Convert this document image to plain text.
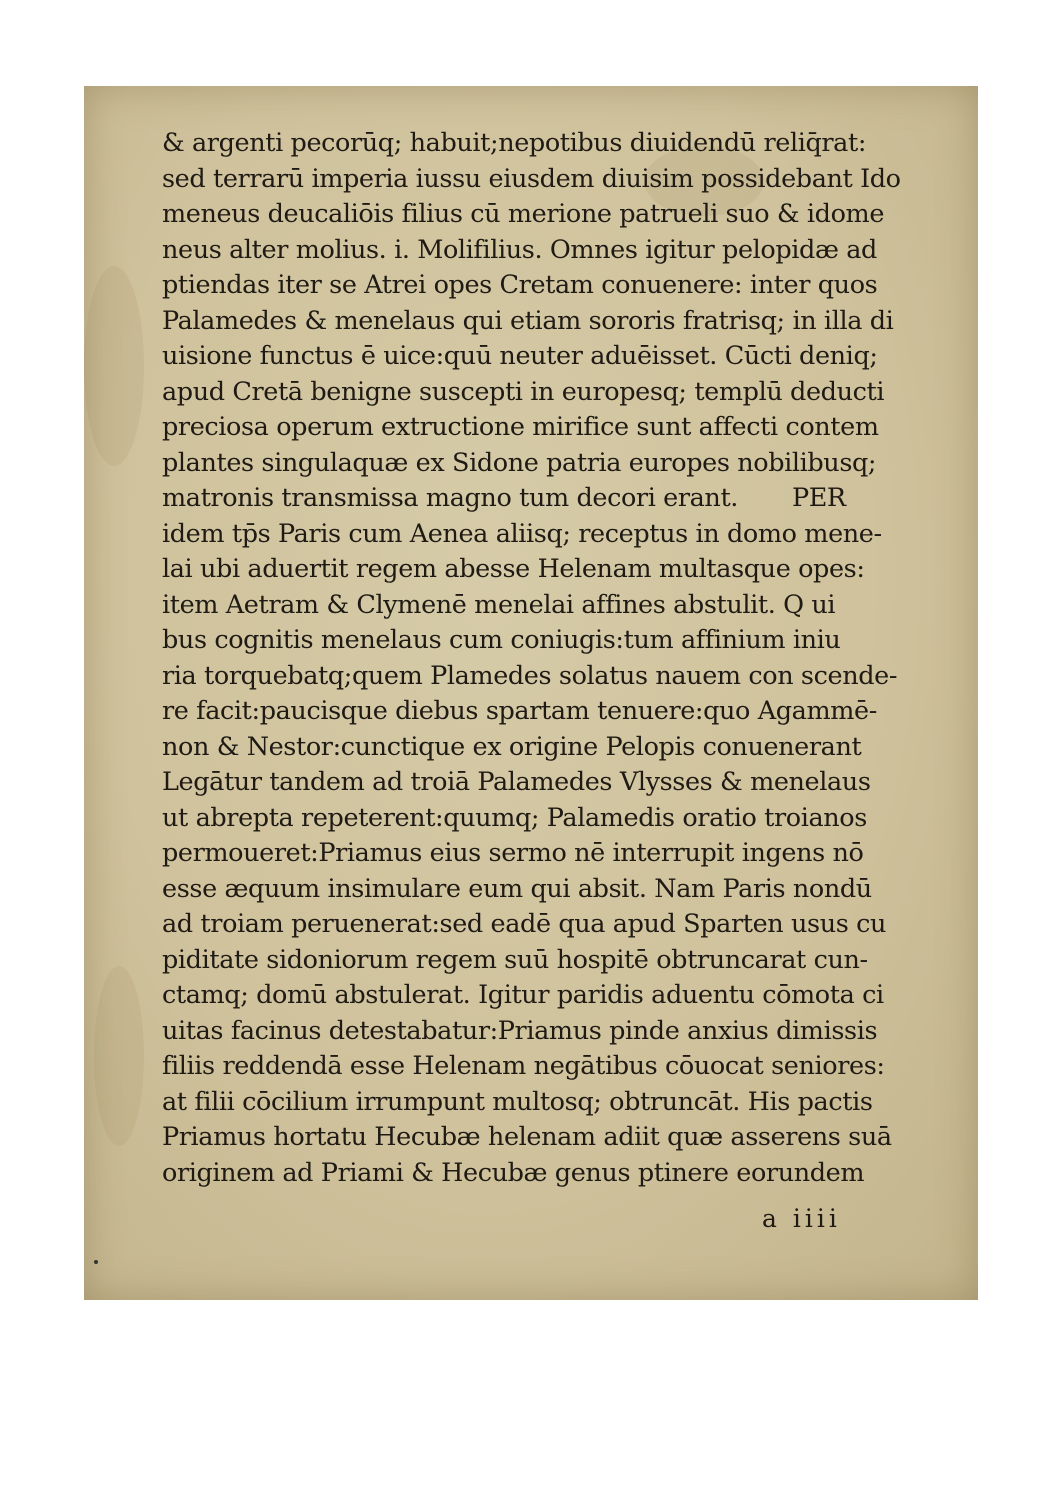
& argenti pecorūq; habuit;nepotibus diuidendū reliq̄rat:
sed terrarū imperia iussu eiusdem diuisim possidebant Ido
meneus deucaliōis filius cū merione patrueli suo & idome
neus alter molius. i. Molifilius. Omnes igitur pelopidæ ad
ptiendas iter se Atrei opes Cretam conuenere: inter quos
Palamedes & menelaus qui etiam sororis fratrisq; in illa di
uisione functus ē uice:quū neuter aduēisset. Cūcti deniq;
apud Cretā benigne suscepti in europesq; templū deducti
preciosa operum extructione mirifice sunt affecti contem
plantes singulaquæ ex Sidone patria europes nobilibusq;
matronis transmissa magno tum decori erant.       PER
idem tp̄s Paris cum Aenea aliisq; receptus in domo mene-
lai ubi aduertit regem abesse Helenam multasque opes:
item Aetram & Clymenē menelai affines abstulit. Q ui
bus cognitis menelaus cum coniugis:tum affinium iniu
ria torquebatq;quem Plamedes solatus nauem con scende-
re facit:paucisque diebus spartam tenuere:quo Agammē-
non & Nestor:cunctique ex origine Pelopis conuenerant
Legātur tandem ad troiā Palamedes Vlysses & menelaus
ut abrepta repeterent:quumq; Palamedis oratio troianos
permoueret:Priamus eius sermo nē interrupit ingens nō
esse æquum insimulare eum qui absit. Nam Paris nondū
ad troiam peruenerat:sed eadē qua apud Sparten usus cu
piditate sidoniorum regem suū hospitē obtruncarat cun-
ctamq; domū abstulerat. Igitur paridis aduentu cōmota ci
uitas facinus detestabatur:Priamus pinde anxius dimissis
filiis reddendā esse Helenam negātibus cōuocat seniores:
at filii cōcilium irrumpunt multosq; obtruncāt. His pactis
Priamus hortatu Hecubæ helenam adiit quæ asserens suā
originem ad Priami & Hecubæ genus ptinere eorundem
a iiii
